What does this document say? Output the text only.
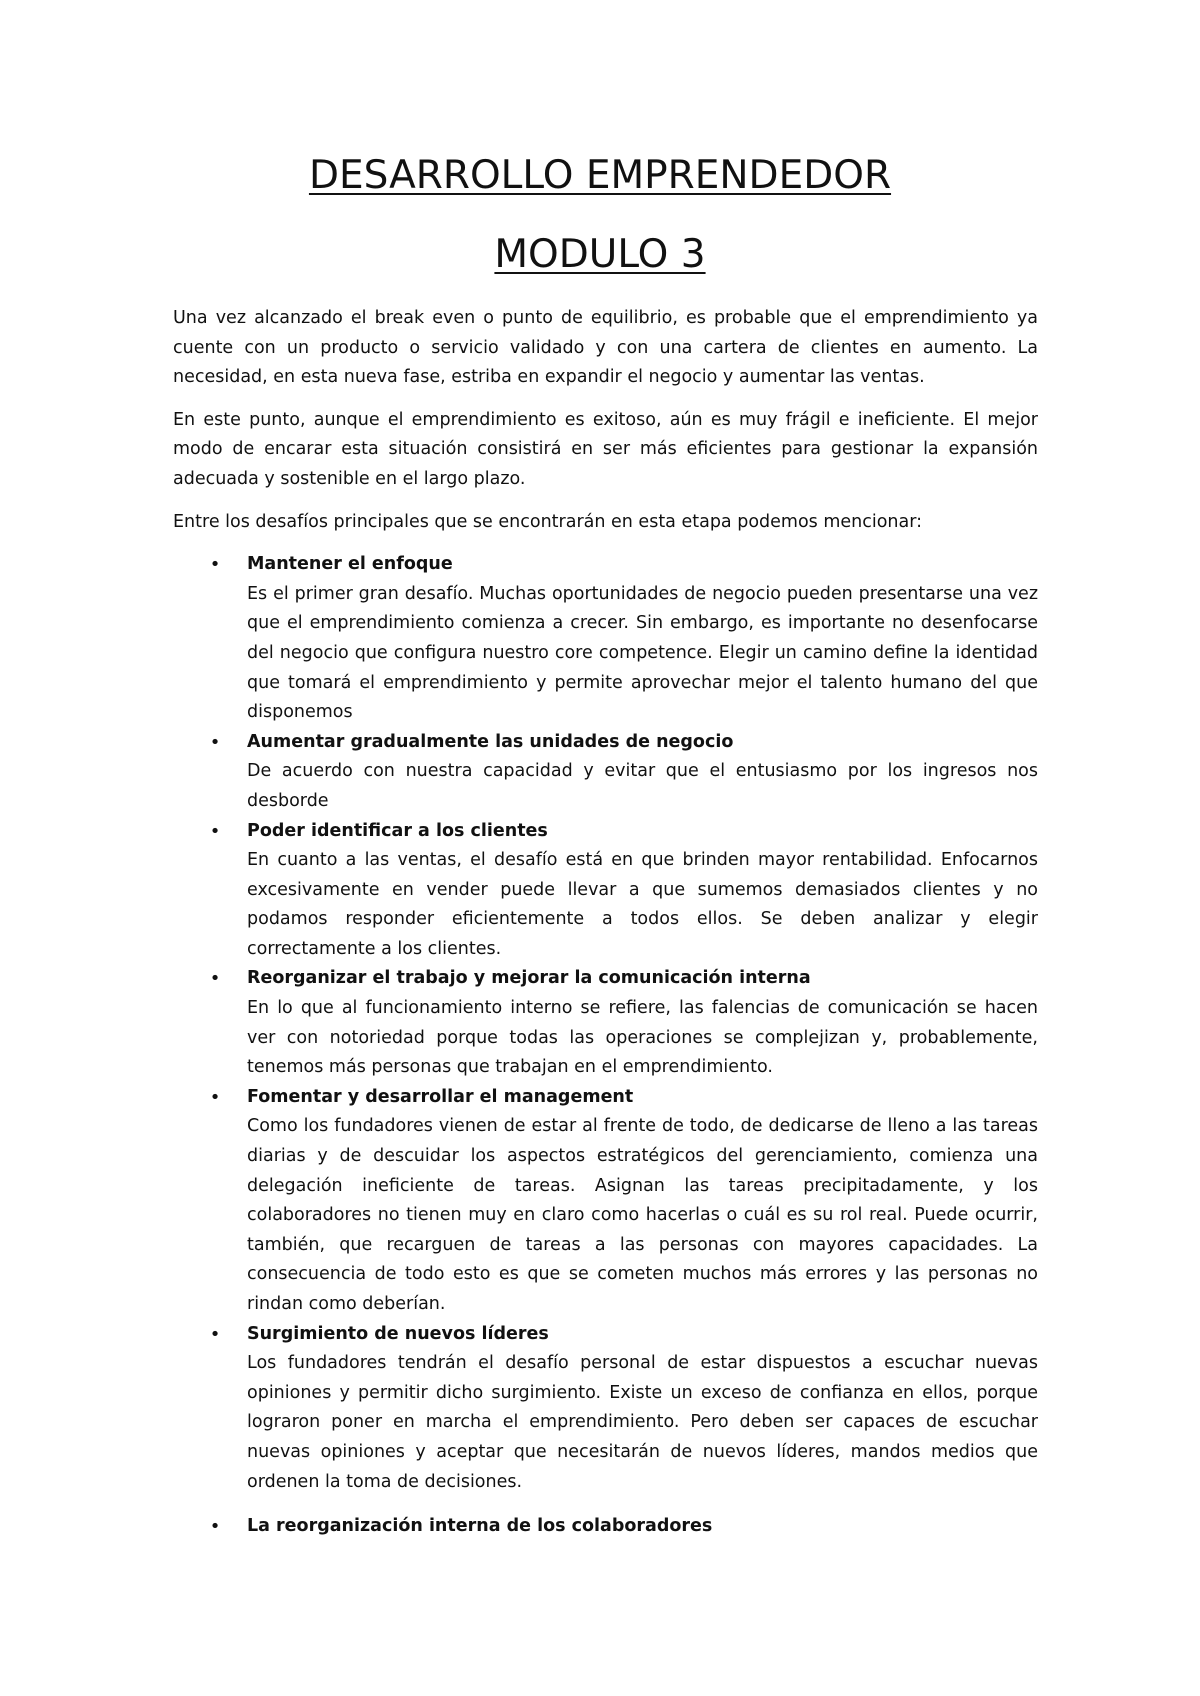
DESARROLLO EMPRENDEDOR
MODULO 3

Una vez alcanzado el break even o punto de equilibrio, es probable que el emprendimiento ya cuente con un producto o servicio validado y con una cartera de clientes en aumento. La necesidad, en esta nueva fase, estriba en expandir el negocio y aumentar las ventas.

En este punto, aunque el emprendimiento es exitoso, aún es muy frágil e ineficiente. El mejor modo de encarar esta situación consistirá en ser más eficientes para gestionar la expansión adecuada y sostenible en el largo plazo.

Entre los desafíos principales que se encontrarán en esta etapa podemos mencionar:

• Mantener el enfoque
Es el primer gran desafío. Muchas oportunidades de negocio pueden presentarse una vez que el emprendimiento comienza a crecer. Sin embargo, es importante no desenfocarse del negocio que configura nuestro core competence. Elegir un camino define la identidad que tomará el emprendimiento y permite aprovechar mejor el talento humano del que disponemos
• Aumentar gradualmente las unidades de negocio
De acuerdo con nuestra capacidad y evitar que el entusiasmo por los ingresos nos desborde
• Poder identificar a los clientes
En cuanto a las ventas, el desafío está en que brinden mayor rentabilidad. Enfocarnos excesivamente en vender puede llevar a que sumemos demasiados clientes y no podamos responder eficientemente a todos ellos. Se deben analizar y elegir correctamente a los clientes.
• Reorganizar el trabajo y mejorar la comunicación interna
En lo que al funcionamiento interno se refiere, las falencias de comunicación se hacen ver con notoriedad porque todas las operaciones se complejizan y, probablemente, tenemos más personas que trabajan en el emprendimiento.
• Fomentar y desarrollar el management
Como los fundadores vienen de estar al frente de todo, de dedicarse de lleno a las tareas diarias y de descuidar los aspectos estratégicos del gerenciamiento, comienza una delegación ineficiente de tareas. Asignan las tareas precipitadamente, y los colaboradores no tienen muy en claro como hacerlas o cuál es su rol real. Puede ocurrir, también, que recarguen de tareas a las personas con mayores capacidades. La consecuencia de todo esto es que se cometen muchos más errores y las personas no rindan como deberían.
• Surgimiento de nuevos líderes
Los fundadores tendrán el desafío personal de estar dispuestos a escuchar nuevas opiniones y permitir dicho surgimiento. Existe un exceso de confianza en ellos, porque lograron poner en marcha el emprendimiento. Pero deben ser capaces de escuchar nuevas opiniones y aceptar que necesitarán de nuevos líderes, mandos medios que ordenen la toma de decisiones.
• La reorganización interna de los colaboradores
